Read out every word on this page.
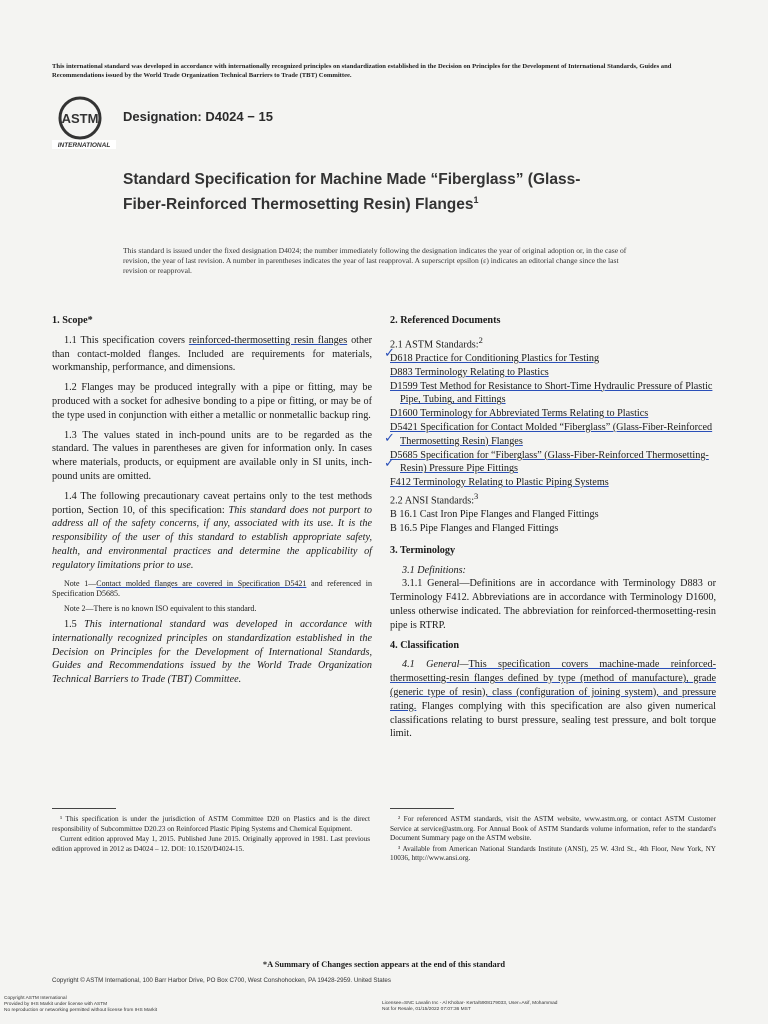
This international standard was developed in accordance with internationally recognized principles on standardization established in the Decision on Principles for the Development of International Standards, Guides and Recommendations issued by the World Trade Organization Technical Barriers to Trade (TBT) Committee.
ASTM
INTERNATIONAL
Designation: D4024 − 15
Standard Specification for Machine Made “Fiberglass” (Glass-Fiber-Reinforced Thermosetting Resin) Flanges$^1$
This standard is issued under the fixed designation D4024; the number immediately following the designation indicates the year of original adoption or, in the case of revision, the year of last revision. A number in parentheses indicates the year of last reapproval. A superscript epsilon (ε) indicates an editorial change since the last revision or reapproval.
1. Scope*

1.1 This specification covers reinforced-thermosetting resin flanges other than contact-molded flanges. Included are requirements for materials, workmanship, performance, and dimensions.

1.2 Flanges may be produced integrally with a pipe or fitting, may be produced with a socket for adhesive bonding to a pipe or fitting, or may be of the type used in conjunction with either a metallic or nonmetallic backup ring.

1.3 The values stated in inch-pound units are to be regarded as the standard. The values in parentheses are given for information only. In cases where materials, products, or equipment are available only in SI units, inch-pound units are omitted.

1.4 The following precautionary caveat pertains only to the test methods portion, Section 10, of this specification: This standard does not purport to address all of the safety concerns, if any, associated with its use. It is the responsibility of the user of this standard to establish appropriate safety, health, and environmental practices and determine the applicability of regulatory limitations prior to use.

Note 1—Contact molded flanges are covered in Specification D5421 and referenced in Specification D5685.

Note 2—There is no known ISO equivalent to this standard.

1.5 This international standard was developed in accordance with internationally recognized principles on standardization established in the Decision on Principles for the Development of International Standards, Guides and Recommendations issued by the World Trade Organization Technical Barriers to Trade (TBT) Committee.

2. Referenced Documents

2.1 ASTM Standards:$^2$

D618 Practice for Conditioning Plastics for Testing
D883 Terminology Relating to Plastics
D1599 Test Method for Resistance to Short-Time Hydraulic Pressure of Plastic Pipe, Tubing, and Fittings
D1600 Terminology for Abbreviated Terms Relating to Plastics
D5421 Specification for Contact Molded “Fiberglass” (Glass-Fiber-Reinforced Thermosetting Resin) Flanges
D5685 Specification for “Fiberglass” (Glass-Fiber-Reinforced Thermosetting-Resin) Pressure Pipe Fittings
F412 Terminology Relating to Plastic Piping Systems

2.2 ANSI Standards:$^3$

B 16.1 Cast Iron Pipe Flanges and Flanged Fittings
B 16.5 Pipe Flanges and Flanged Fittings
3. Terminology

3.1 Definitions:

3.1.1 General—Definitions are in accordance with Terminology D883 or Terminology F412. Abbreviations are in accordance with Terminology D1600, unless otherwise indicated. The abbreviation for reinforced-thermosetting-resin pipe is RTRP.

4. Classification

4.1 General—This specification covers machine-made reinforced-thermosetting-resin flanges defined by type (method of manufacture), grade (generic type of resin), class (configuration of joining system), and pressure rating. Flanges complying with this specification are also given numerical classifications relating to burst pressure, sealing test pressure, and bolt torque limit.

✓
✓
✓

¹ This specification is under the jurisdiction of ASTM Committee D20 on Plastics and is the direct responsibility of Subcommittee D20.23 on Reinforced Plastic Piping Systems and Chemical Equipment.

Current edition approved May 1, 2015. Published June 2015. Originally approved in 1981. Last previous edition approved in 2012 as D4024 – 12. DOI: 10.1520/D4024-15.

² For referenced ASTM standards, visit the ASTM website, www.astm.org, or contact ASTM Customer Service at service@astm.org. For Annual Book of ASTM Standards volume information, refer to the standard's Document Summary page on the ASTM website.

³ Available from American National Standards Institute (ANSI), 25 W. 43rd St., 4th Floor, New York, NY 10036, http://www.ansi.org.

*A Summary of Changes section appears at the end of this standard
Copyright © ASTM International, 100 Barr Harbor Drive, PO Box C700, West Conshohocken, PA 19428-2959. United States
Copyright ASTM International
Provided by IHS Markit under license with ASTM
No reproduction or networking permitted without license from IHS Markit
Licensee=SNC Lavalin Inc - Al Khobar- Kerta/5908179033, User=Asif, Mohammad
Not for Resale, 01/15/2022 07:07:36 MST
